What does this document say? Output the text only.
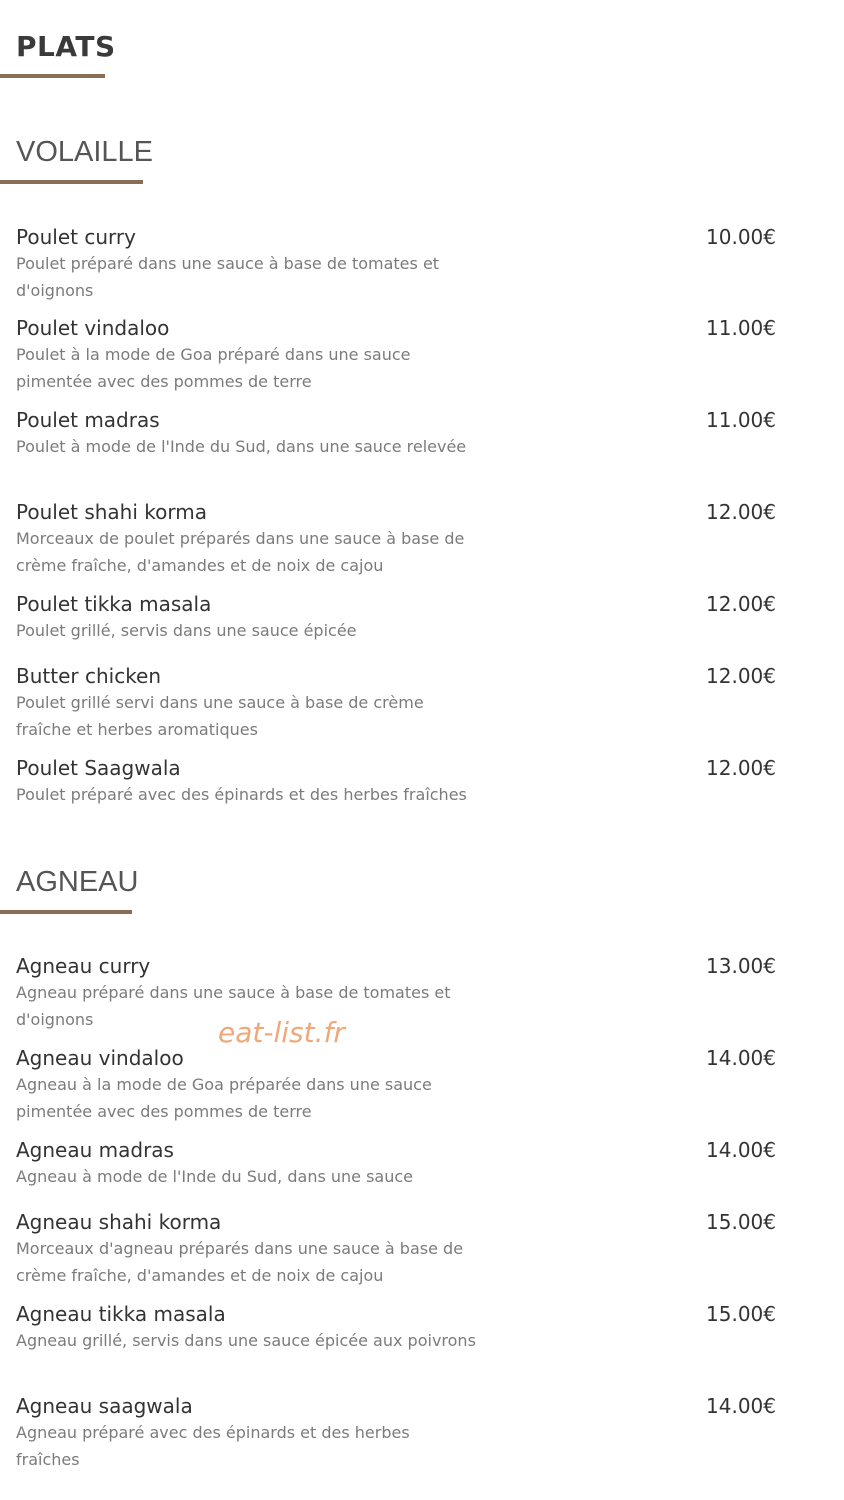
PLATS
VOLAILLE

Poulet curry

Poulet préparé dans une sauce à base de tomates et d'oignons

10.00€

Poulet vindaloo

Poulet à la mode de Goa préparé dans une sauce pimentée avec des pommes de terre

11.00€

Poulet madras

Poulet à mode de l'Inde du Sud, dans une sauce relevée

11.00€

Poulet shahi korma

Morceaux de poulet préparés dans une sauce à base de crème fraîche, d'amandes et de noix de cajou

12.00€

Poulet tikka masala

Poulet grillé, servis dans une sauce épicée

12.00€

Butter chicken

Poulet grillé servi dans une sauce à base de crème fraîche et herbes aromatiques

12.00€

Poulet Saagwala

Poulet préparé avec des épinards et des herbes fraîches

12.00€
AGNEAU

Agneau curry

Agneau préparé dans une sauce à base de tomates et d'oignons

13.00€

Agneau vindaloo

Agneau à la mode de Goa préparée dans une sauce pimentée avec des pommes de terre

14.00€

Agneau madras

Agneau à mode de l'Inde du Sud, dans une sauce

14.00€

Agneau shahi korma

Morceaux d'agneau préparés dans une sauce à base de crème fraîche, d'amandes et de noix de cajou

15.00€

Agneau tikka masala

Agneau grillé, servis dans une sauce épicée aux poivrons

15.00€

Agneau saagwala

Agneau préparé avec des épinards et des herbes fraîches

14.00€
eat-list.fr
